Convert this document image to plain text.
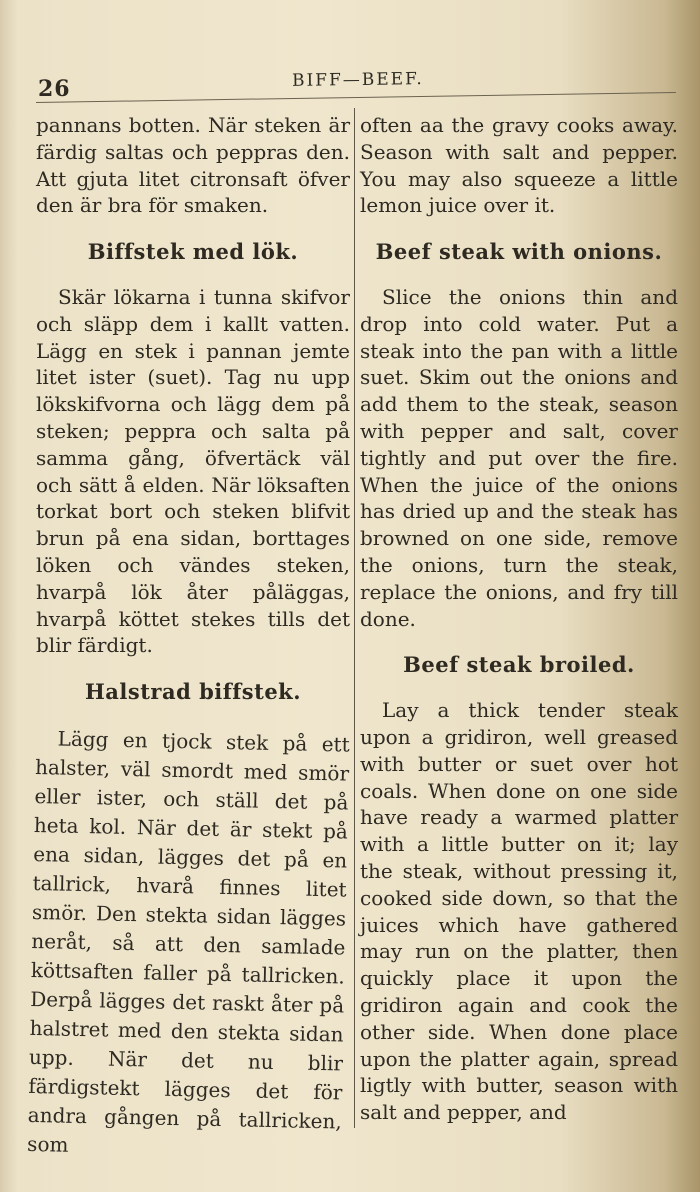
26	BIFF—BEEF.

pannans botten. När steken är färdig saltas och peppras den. Att gjuta litet citronsaft öfver den är bra för smaken.

Biffstek med lök.

Skär lökarna i tunna skifvor och släpp dem i kallt vatten. Lägg en stek i pannan jemte litet ister (suet). Tag nu upp lökskifvorna och lägg dem på steken; peppra och salta på samma gång, öfvertäck väl och sätt å elden. När löksaften torkat bort och steken blifvit brun på ena sidan, borttages löken och vändes steken, hvarpå lök åter påläggas, hvarpå köttet stekes tills det blir färdigt.

Halstrad biffstek.

Lägg en tjock stek på ett halster, väl smordt med smör eller ister, och ställ det på heta kol. När det är stekt på ena sidan, lägges det på en tallrick, hvarå finnes litet smör. Den stekta sidan lägges neråt, så att den samlade köttsaften faller på tallricken. Derpå lägges det raskt åter på halstret med den stekta sidan upp. När det nu blir färdigstekt lägges det för andra gången på tallricken, som

often aa the gravy cooks away. Season with salt and pepper. You may also squeeze a little lemon juice over it.

Beef steak with onions.

Slice the onions thin and drop into cold water. Put a steak into the pan with a little suet. Skim out the onions and add them to the steak, season with pepper and salt, cover tightly and put over the fire. When the juice of the onions has dried up and the steak has browned on one side, remove the onions, turn the steak, replace the onions, and fry till done.

Beef steak broiled.

Lay a thick tender steak upon a gridiron, well greased with butter or suet over hot coals. When done on one side have ready a warmed platter with a little butter on it; lay the steak, without pressing it, cooked side down, so that the juices which have gathered may run on the platter, then quickly place it upon the gridiron again and cook the other side. When done place upon the platter again, spread ligtly with butter, season with salt and pepper, and
